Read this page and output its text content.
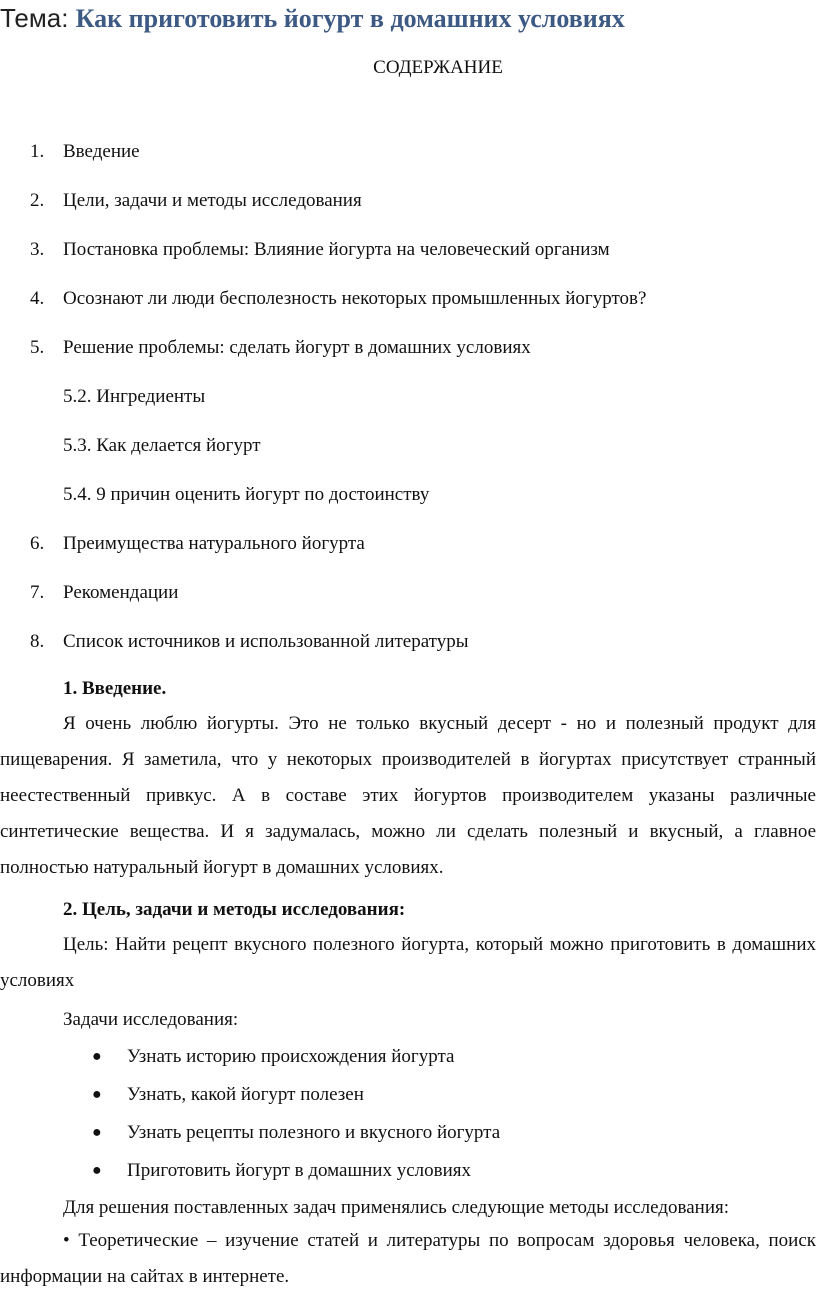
Тема: Как приготовить йогурт в домашних условиях
СОДЕРЖАНИЕ
1. Введение
2. Цели, задачи и методы исследования
3. Постановка проблемы: Влияние йогурта на человеческий организм
4. Осознают ли люди бесполезность некоторых промышленных йогуртов?
5. Решение проблемы: сделать йогурт в домашних условиях
5.2. Ингредиенты
5.3. Как делается йогурт
5.4. 9 причин оценить йогурт по достоинству
6. Преимущества натурального йогурта
7. Рекомендации
8. Список источников и использованной литературы
1. Введение.
Я очень люблю йогурты. Это не только вкусный десерт - но и полезный продукт для пищеварения. Я заметила, что у некоторых производителей в йогуртах присутствует странный неестественный привкус. А в составе этих йогуртов производителем указаны различные синтетические вещества. И я задумалась, можно ли сделать полезный и вкусный, а главное полностью натуральный йогурт в домашних условиях.
2. Цель, задачи и методы исследования:
Цель: Найти рецепт вкусного полезного йогурта, который можно приготовить в домашних условиях
Задачи исследования:
● Узнать историю происхождения йогурта
● Узнать, какой йогурт полезен
● Узнать рецепты полезного и вкусного йогурта
● Приготовить йогурт в домашних условиях
Для решения поставленных задач применялись следующие методы исследования:
• Теоретические – изучение статей и литературы по вопросам здоровья человека, поиск информации на сайтах в интернете.
